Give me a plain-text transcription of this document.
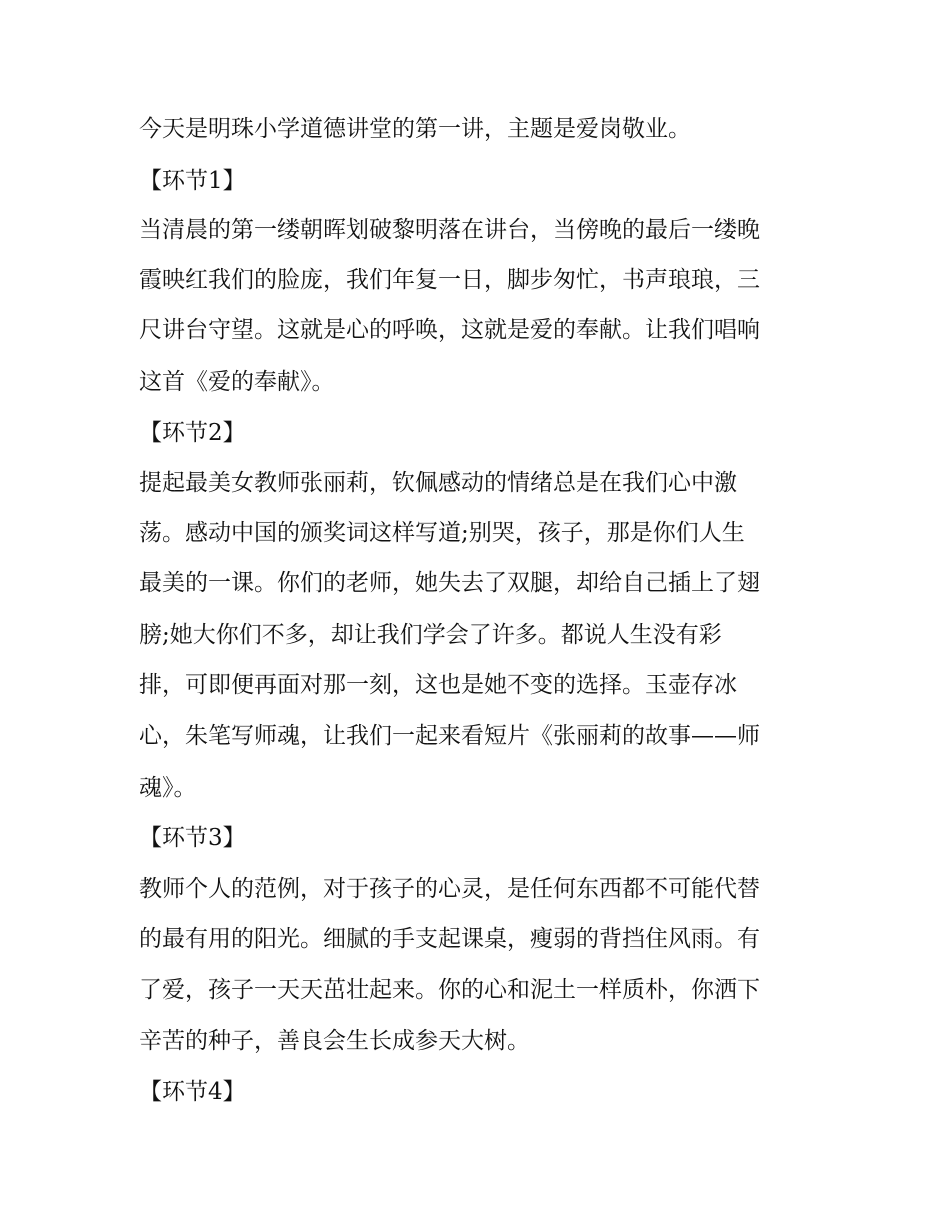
今天是明珠小学道德讲堂的第一讲，主题是爱岗敬业。
【环节1】
当清晨的第一缕朝晖划破黎明落在讲台，当傍晚的最后一缕晚
霞映红我们的脸庞，我们年复一日，脚步匆忙，书声琅琅，三
尺讲台守望。这就是心的呼唤，这就是爱的奉献。让我们唱响
这首《爱的奉献》。
【环节2】
提起最美女教师张丽莉，钦佩感动的情绪总是在我们心中激
荡。感动中国的颁奖词这样写道;别哭，孩子，那是你们人生
最美的一课。你们的老师，她失去了双腿，却给自己插上了翅
膀;她大你们不多，却让我们学会了许多。都说人生没有彩
排，可即便再面对那一刻，这也是她不变的选择。玉壶存冰
心，朱笔写师魂，让我们一起来看短片《张丽莉的故事——师
魂》。
【环节3】
教师个人的范例，对于孩子的心灵，是任何东西都不可能代替
的最有用的阳光。细腻的手支起课桌，瘦弱的背挡住风雨。有
了爱，孩子一天天茁壮起来。你的心和泥土一样质朴，你洒下
辛苦的种子，善良会生长成参天大树。
【环节4】
